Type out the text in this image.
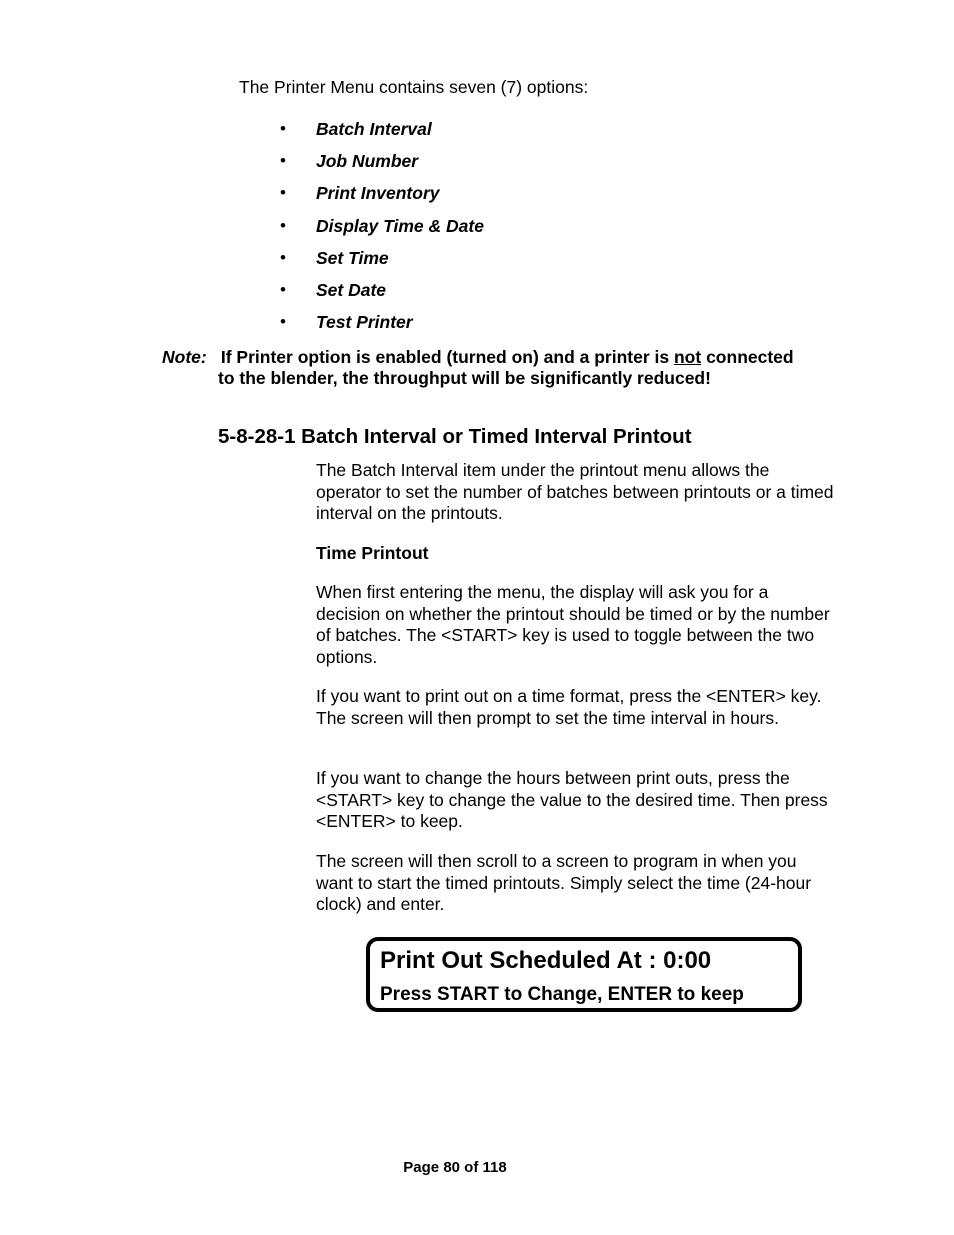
The Printer Menu contains seven (7) options:
• Batch Interval
• Job Number
• Print Inventory
• Display Time & Date
• Set Time
• Set Date
• Test Printer
Note: If Printer option is enabled (turned on) and a printer is not connected
to the blender, the throughput will be significantly reduced!
5-8-28-1 Batch Interval or Timed Interval Printout
The Batch Interval item under the printout menu allows the operator to set the number of batches between printouts or a timed interval on the printouts.
Time Printout
When first entering the menu, the display will ask you for a decision on whether the printout should be timed or by the number of batches. The <START> key is used to toggle between the two options.
If you want to print out on a time format, press the <ENTER> key. The screen will then prompt to set the time interval in hours.
If you want to change the hours between print outs, press the <START> key to change the value to the desired time. Then press <ENTER> to keep.
The screen will then scroll to a screen to program in when you want to start the timed printouts. Simply select the time (24-hour clock) and enter.
Print Out Scheduled At : 0:00
Press START to Change, ENTER to keep
Page 80 of 118
